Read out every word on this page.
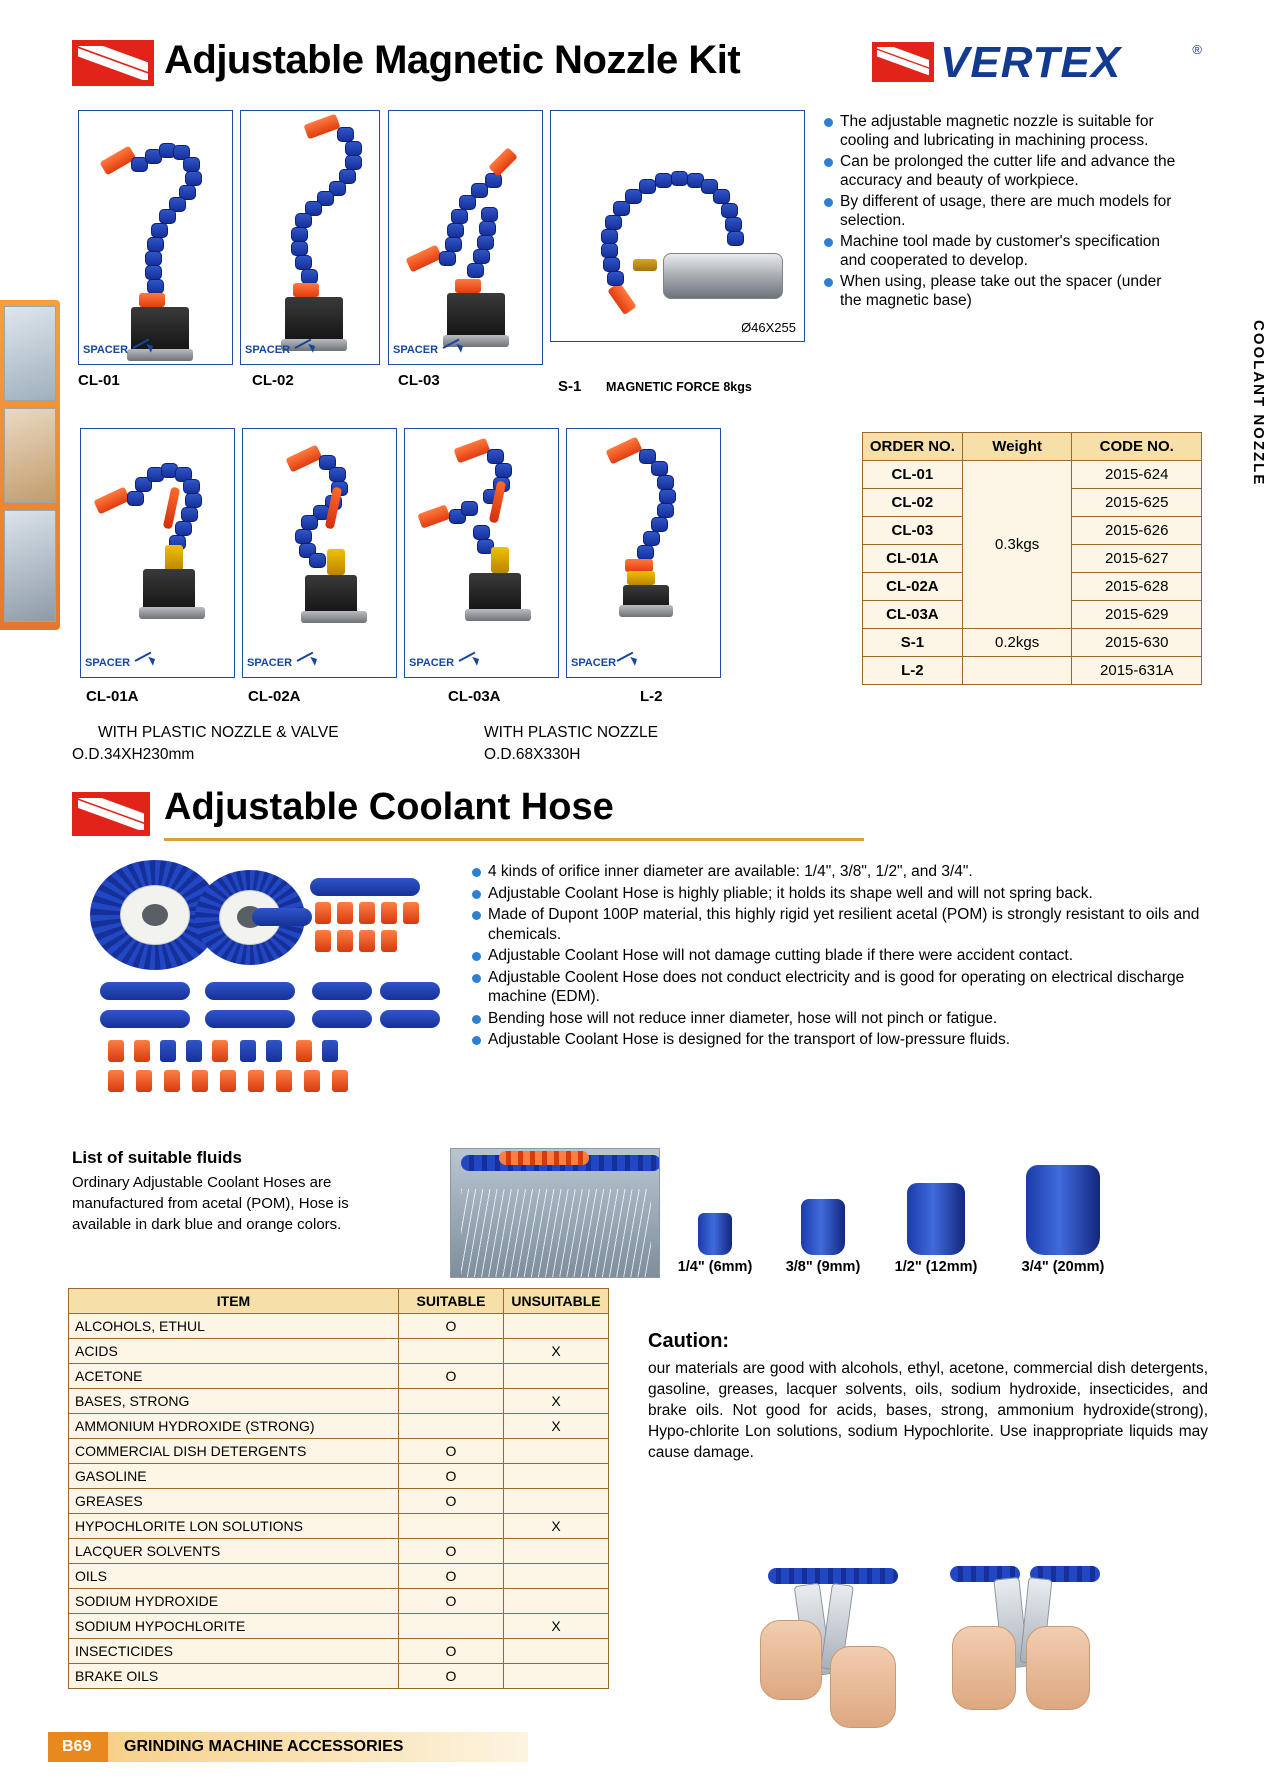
Adjustable Magnetic Nozzle Kit	VERTEX	®
COOLANT NOZZLE
SPACER
CL-01
SPACER
CL-02
SPACER
CL-03
Ø46X255
S-1 MAGNETIC FORCE 8kgs
The adjustable magnetic nozzle is suitable for cooling and lubricating in machining process.
Can be prolonged the cutter life and advance the accuracy and beauty of workpiece.
By different of usage, there are much models for selection.
Machine tool made by customer's specification and cooperated to develop.
When using, please take out the spacer (under the magnetic base)
SPACER
CL-01A
SPACER
CL-02A
SPACER
CL-03A
SPACER
L-2
WITH PLASTIC NOZZLE & VALVE
O.D.34XH230mm
WITH PLASTIC NOZZLE
O.D.68X330H
ORDER NO.	Weight	CODE NO.
CL-01	0.3kgs	2015-624
CL-02		2015-625
CL-03		2015-626
CL-01A		2015-627
CL-02A		2015-628
CL-03A		2015-629
S-1	0.2kgs	2015-630
L-2		2015-631A
Adjustable Coolant Hose
4 kinds of orifice inner diameter are available: 1/4", 3/8", 1/2", and 3/4".
Adjustable Coolant Hose is highly pliable; it holds its shape well and will not spring back.
Made of Dupont 100P material, this highly rigid yet resilient acetal (POM) is strongly resistant to oils and chemicals.
Adjustable Coolant Hose will not damage cutting blade if there were accident contact.
Adjustable Coolent Hose does not conduct electricity and is good for operating on electrical discharge machine (EDM).
Bending hose will not reduce inner diameter, hose will not pinch or fatigue.
Adjustable Coolant Hose is designed for the transport of low-pressure fluids.
List of suitable fluids
Ordinary Adjustable Coolant Hoses are manufactured from acetal (POM), Hose is available in dark blue and orange colors.
1/4" (6mm)	3/8" (9mm)	1/2" (12mm)	3/4" (20mm)
ITEM	SUITABLE	UNSUITABLE
ALCOHOLS, ETHUL	O	
ACIDS		X
ACETONE	O	
BASES, STRONG		X
AMMONIUM HYDROXIDE (STRONG)		X
COMMERCIAL DISH DETERGENTS	O	
GASOLINE	O	
GREASES	O	
HYPOCHLORITE LON SOLUTIONS		X
LACQUER SOLVENTS	O	
OILS	O	
SODIUM HYDROXIDE	O	
SODIUM HYPOCHLORITE		X
INSECTICIDES	O	
BRAKE OILS	O	
Caution:
our materials are good with alcohols, ethyl, acetone, commercial dish detergents, gasoline, greases, lacquer solvents, oils, sodium hydroxide, insecticides, and brake oils. Not good for acids, bases, strong, ammonium hydroxide(strong), Hypo-chlorite Lon solutions, sodium Hypochlorite. Use inappropriate liquids may cause damage.
B69 GRINDING MACHINE ACCESSORIES
